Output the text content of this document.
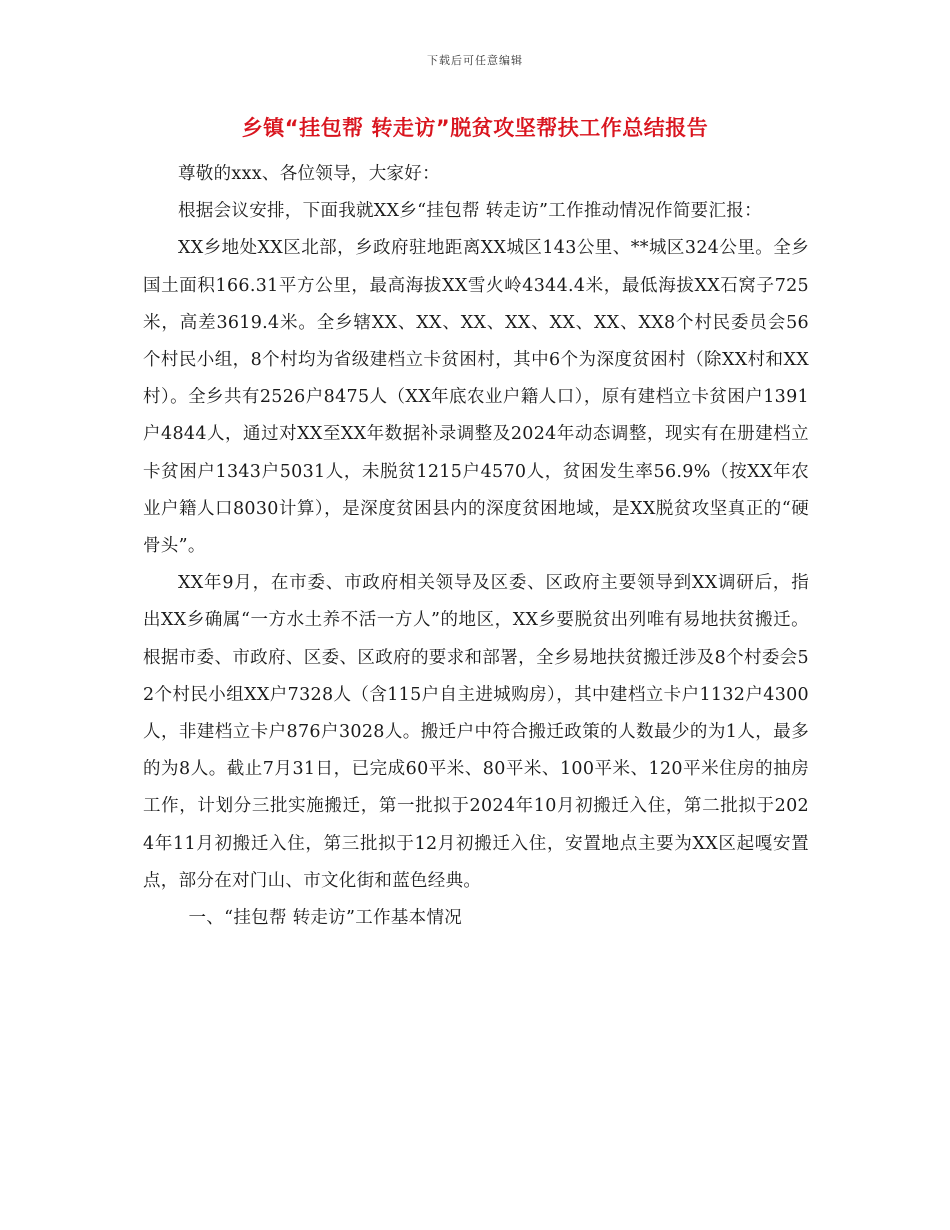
下载后可任意编辑
乡镇“挂包帮 转走访”脱贫攻坚帮扶工作总结报告

尊敬的xxx、各位领导，大家好：

根据会议安排，下面我就XX乡“挂包帮 转走访”工作推动情况作简要汇报：

XX乡地处XX区北部，乡政府驻地距离XX城区143公里、**城区324公里。全乡国土面积166.31平方公里，最高海拔XX雪火岭4344.4米，最低海拔XX石窝子725米，高差3619.4米。全乡辖XX、XX、XX、XX、XX、XX、XX8个村民委员会56个村民小组，8个村均为省级建档立卡贫困村，其中6个为深度贫困村（除XX村和XX村）。全乡共有2526户8475人（XX年底农业户籍人口），原有建档立卡贫困户1391户4844人，通过对XX至XX年数据补录调整及2024年动态调整，现实有在册建档立卡贫困户1343户5031人，未脱贫1215户4570人，贫困发生率56.9%（按XX年农业户籍人口8030计算），是深度贫困县内的深度贫困地域，是XX脱贫攻坚真正的“硬骨头”。

XX年9月，在市委、市政府相关领导及区委、区政府主要领导到XX调研后，指出XX乡确属“一方水土养不活一方人”的地区，XX乡要脱贫出列唯有易地扶贫搬迁。根据市委、市政府、区委、区政府的要求和部署，全乡易地扶贫搬迁涉及8个村委会52个村民小组XX户7328人（含115户自主进城购房），其中建档立卡户1132户4300人，非建档立卡户876户3028人。搬迁户中符合搬迁政策的人数最少的为1人，最多的为8人。截止7月31日，已完成60平米、80平米、100平米、120平米住房的抽房工作，计划分三批实施搬迁，第一批拟于2024年10月初搬迁入住，第二批拟于2024年11月初搬迁入住，第三批拟于12月初搬迁入住，安置地点主要为XX区起嘎安置点，部分在对门山、市文化街和蓝色经典。

一、“挂包帮 转走访”工作基本情况
